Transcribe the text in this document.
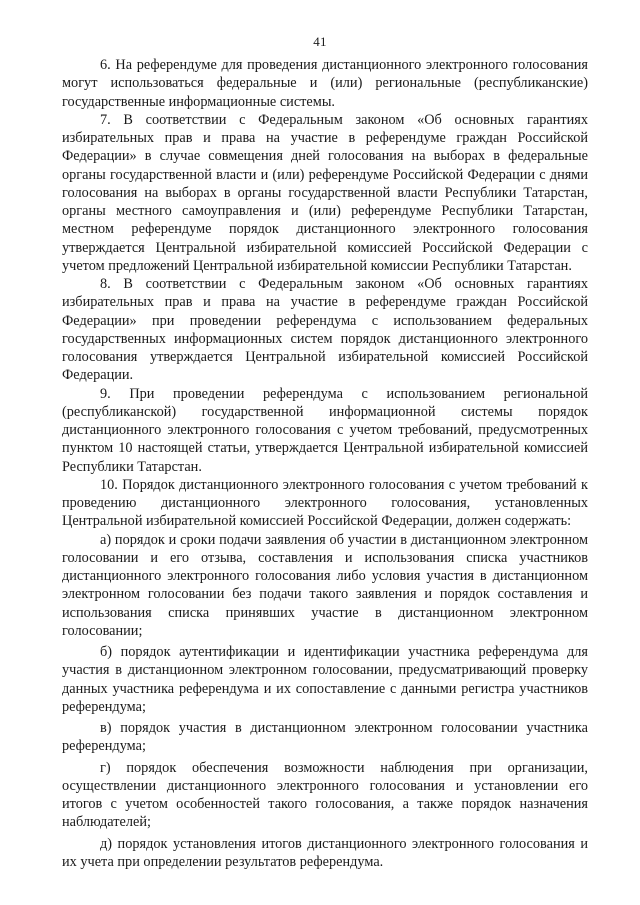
41

6. На референдуме для проведения дистанционного электронного голосования могут использоваться федеральные и (или) региональные (республиканские) государственные информационные системы.

7. В соответствии с Федеральным законом «Об основных гарантиях избирательных прав и права на участие в референдуме граждан Российской Федерации» в случае совмещения дней голосования на выборах в федеральные органы государственной власти и (или) референдуме Российской Федерации с днями голосования на выборах в органы государственной власти Республики Татарстан, органы местного самоуправления и (или) референдуме Республики Татарстан, местном референдуме порядок дистанционного электронного голосования утверждается Центральной избирательной комиссией Российской Федерации с учетом предложений Центральной избирательной комиссии Республики Татарстан.

8. В соответствии с Федеральным законом «Об основных гарантиях избирательных прав и права на участие в референдуме граждан Российской Федерации» при проведении референдума с использованием федеральных государственных информационных систем порядок дистанционного электронного голосования утверждается Центральной избирательной комиссией Российской Федерации.

9. При проведении референдума с использованием региональной (республиканской) государственной информационной системы порядок дистанционного электронного голосования с учетом требований, предусмотренных пунктом 10 настоящей статьи, утверждается Центральной избирательной комиссией Республики Татарстан.

10. Порядок дистанционного электронного голосования с учетом требований к проведению дистанционного электронного голосования, установленных Центральной избирательной комиссией Российской Федерации, должен содержать:

а) порядок и сроки подачи заявления об участии в дистанционном электронном голосовании и его отзыва, составления и использования списка участников дистанционного электронного голосования либо условия участия в дистанционном электронном голосовании без подачи такого заявления и порядок составления и использования списка принявших участие в дистанционном электронном голосовании;

б) порядок аутентификации и идентификации участника референдума для участия в дистанционном электронном голосовании, предусматривающий проверку данных участника референдума и их сопоставление с данными регистра участников референдума;

в) порядок участия в дистанционном электронном голосовании участника референдума;

г) порядок обеспечения возможности наблюдения при организации, осуществлении дистанционного электронного голосования и установлении его итогов с учетом особенностей такого голосования, а также порядок назначения наблюдателей;

д) порядок установления итогов дистанционного электронного голосования и их учета при определении результатов референдума.
